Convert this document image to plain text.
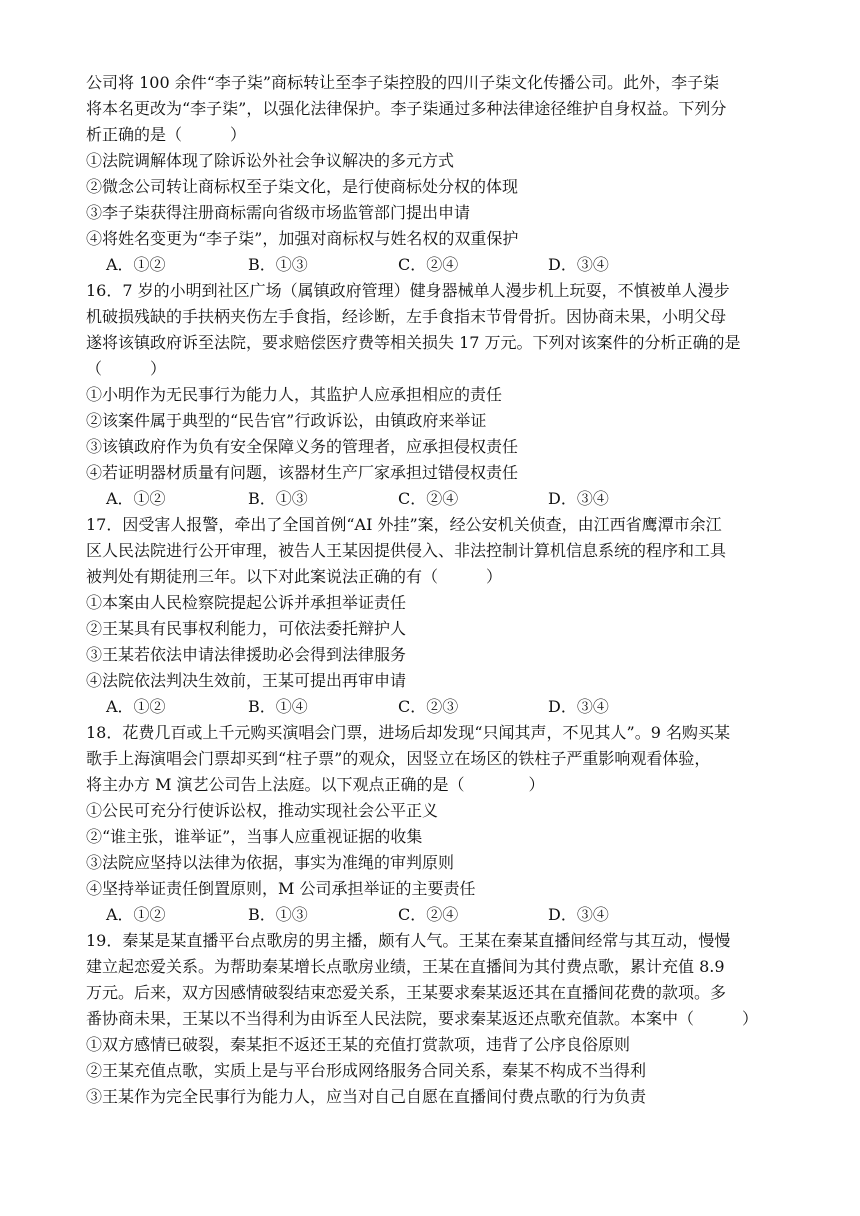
公司将 100 余件“李子柒”商标转让至李子柒控股的四川子柒文化传播公司。此外，李子柒
将本名更改为“李子柒”，以强化法律保护。李子柒通过多种法律途径维护自身权益。下列分
析正确的是（　　　）
①法院调解体现了除诉讼外社会争议解决的多元方式
②微念公司转让商标权至子柒文化，是行使商标处分权的体现
③李子柒获得注册商标需向省级市场监管部门提出申请
④将姓名变更为“李子柒”，加强对商标权与姓名权的双重保护
A．①②	B．①③	C．②④	D．③④
16．7 岁的小明到社区广场（属镇政府管理）健身器械单人漫步机上玩耍，不慎被单人漫步
机破损残缺的手扶柄夹伤左手食指，经诊断，左手食指末节骨骨折。因协商未果，小明父母
遂将该镇政府诉至法院，要求赔偿医疗费等相关损失 17 万元。下列对该案件的分析正确的是
（　　　）
①小明作为无民事行为能力人，其监护人应承担相应的责任
②该案件属于典型的“民告官”行政诉讼，由镇政府来举证
③该镇政府作为负有安全保障义务的管理者，应承担侵权责任
④若证明器材质量有问题，该器材生产厂家承担过错侵权责任
A．①②	B．①③	C．②④	D．③④
17．因受害人报警，牵出了全国首例“AI 外挂”案，经公安机关侦查，由江西省鹰潭市余江
区人民法院进行公开审理，被告人王某因提供侵入、非法控制计算机信息系统的程序和工具
被判处有期徒刑三年。以下对此案说法正确的有（　　　）
①本案由人民检察院提起公诉并承担举证责任
②王某具有民事权利能力，可依法委托辩护人
③王某若依法申请法律援助必会得到法律服务
④法院依法判决生效前，王某可提出再审申请
A．①②	B．①④	C．②③	D．③④
18．花费几百或上千元购买演唱会门票，进场后却发现“只闻其声，不见其人”。9 名购买某
歌手上海演唱会门票却买到“柱子票”的观众，因竖立在场区的铁柱子严重影响观看体验，
将主办方 M 演艺公司告上法庭。以下观点正确的是（　　　　）
①公民可充分行使诉讼权，推动实现社会公平正义
②“谁主张，谁举证”，当事人应重视证据的收集
③法院应坚持以法律为依据，事实为准绳的审判原则
④坚持举证责任倒置原则，M 公司承担举证的主要责任
A．①②	B．①③	C．②④	D．③④
19．秦某是某直播平台点歌房的男主播，颇有人气。王某在秦某直播间经常与其互动，慢慢
建立起恋爱关系。为帮助秦某增长点歌房业绩，王某在直播间为其付费点歌，累计充值 8.9
万元。后来，双方因感情破裂结束恋爱关系，王某要求秦某返还其在直播间花费的款项。多
番协商未果，王某以不当得利为由诉至人民法院，要求秦某返还点歌充值款。本案中（　　　）
①双方感情已破裂，秦某拒不返还王某的充值打赏款项，违背了公序良俗原则
②王某充值点歌，实质上是与平台形成网络服务合同关系，秦某不构成不当得利
③王某作为完全民事行为能力人，应当对自己自愿在直播间付费点歌的行为负责
